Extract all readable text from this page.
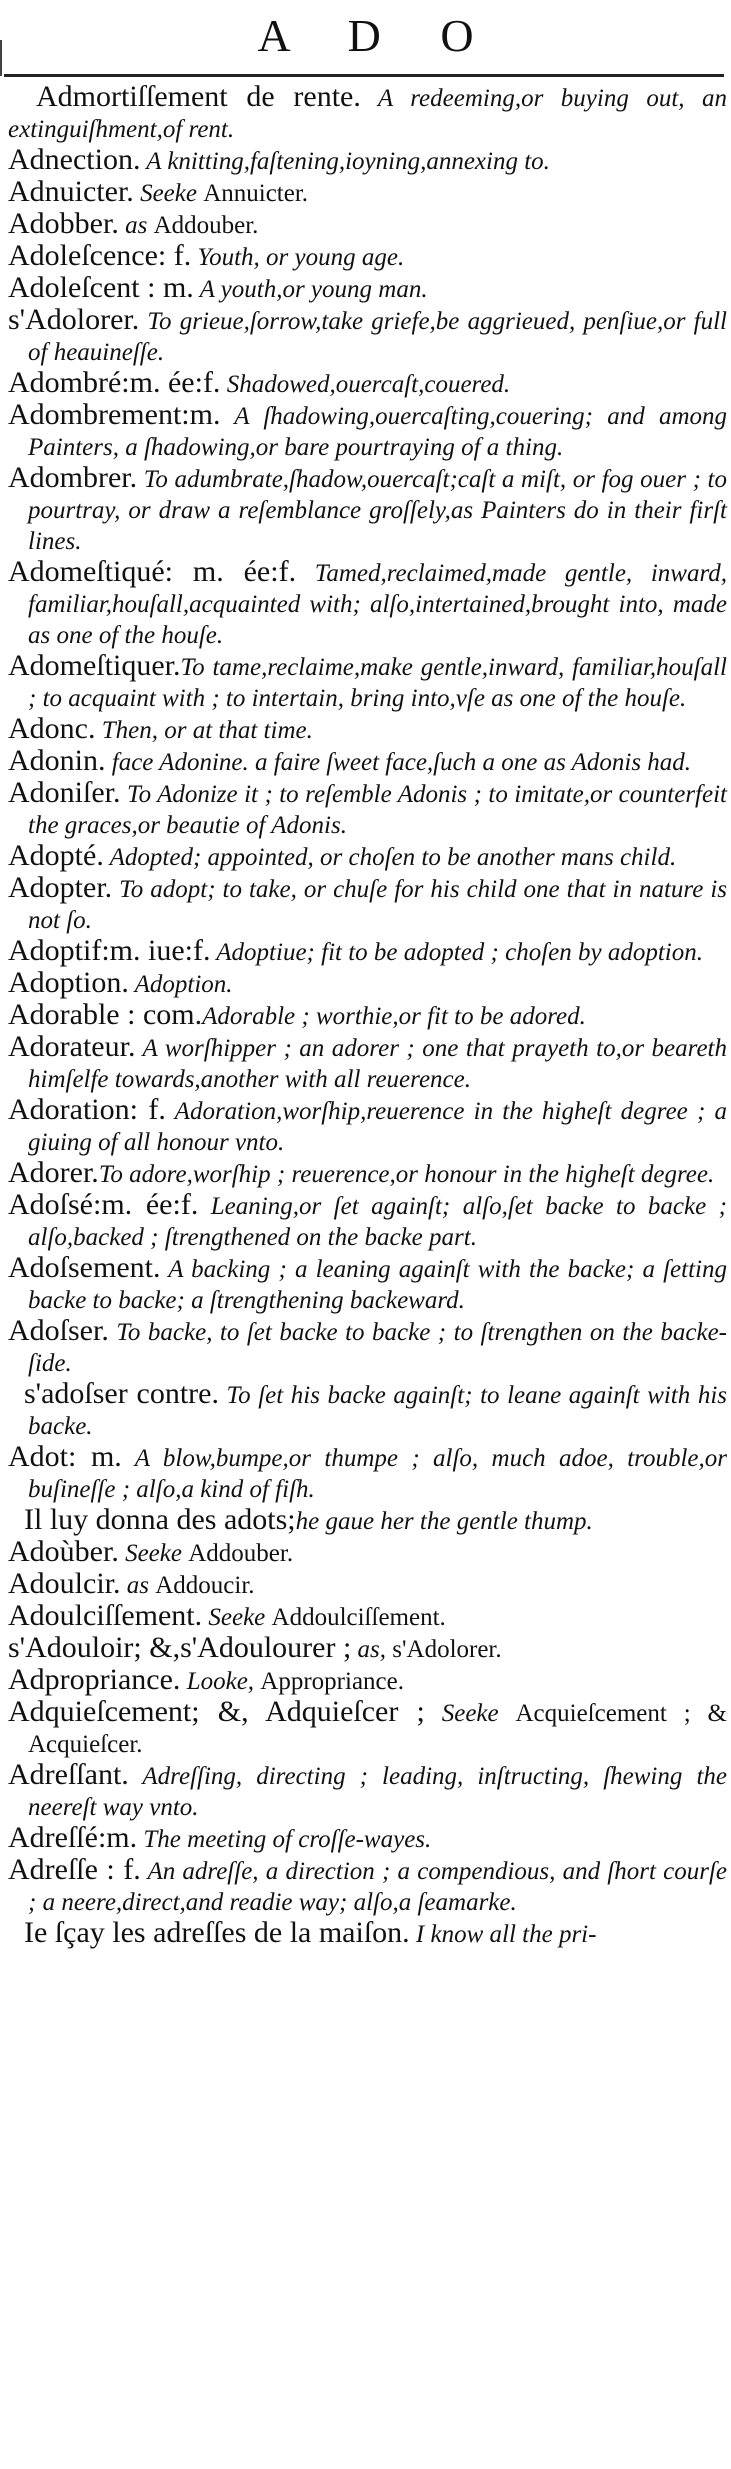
A D O
Admortiſſement de rente. A redeeming,or buying out, an extinguiſhment,of rent.
Adnection. A knitting,faſtening,ioyning,annexing to.
Adnuicter. Seeke Annuicter.
Adobber. as Addouber.
Adoleſcence: f. Youth, or young age.
Adoleſcent : m. A youth,or young man.
s'Adolorer. To grieue,ſorrow,take griefe,be aggrieued, penſiue,or full of heauineſſe.
Adombré:m. ée:f. Shadowed,ouercaſt,couered.
Adombrement:m. A ſhadowing,ouercaſting,couering; and among Painters, a ſhadowing,or bare pourtraying of a thing.
Adombrer. To adumbrate,ſhadow,ouercaſt;caſt a miſt, or fog ouer ; to pourtray, or draw a reſemblance groſſely,as Painters do in their firſt lines.
Adomeſtiqué: m. ée:f. Tamed,reclaimed,made gentle, inward, familiar,houſall,acquainted with; alſo,intertained,brought into, made as one of the houſe.
Adomeſtiquer.To tame,reclaime,make gentle,inward, familiar,houſall ; to acquaint with ; to intertain, bring into,vſe as one of the houſe.
Adonc. Then, or at that time.
Adonin. face Adonine. a faire ſweet face,ſuch a one as Adonis had.
Adoniſer. To Adonize it ; to reſemble Adonis ; to imitate,or counterfeit the graces,or beautie of Adonis.
Adopté. Adopted; appointed, or choſen to be another mans child.
Adopter. To adopt; to take, or chuſe for his child one that in nature is not ſo.
Adoptif:m. iue:f. Adoptiue; fit to be adopted ; choſen by adoption.
Adoption. Adoption.
Adorable : com.Adorable ; worthie,or fit to be adored.
Adorateur. A worſhipper ; an adorer ; one that prayeth to,or beareth himſelfe towards,another with all reuerence.
Adoration: f. Adoration,worſhip,reuerence in the higheſt degree ; a giuing of all honour vnto.
Adorer.To adore,worſhip ; reuerence,or honour in the higheſt degree.
Adoſsé:m. ée:f. Leaning,or ſet againſt; alſo,ſet backe to backe ; alſo,backed ; ſtrengthened on the backe part.
Adoſsement. A backing ; a leaning againſt with the backe; a ſetting backe to backe; a ſtrengthening backeward.
Adoſser. To backe, to ſet backe to backe ; to ſtrengthen on the backe-ſide.
s'adoſser contre. To ſet his backe againſt; to leane againſt with his backe.
Adot: m. A blow,bumpe,or thumpe ; alſo, much adoe, trouble,or buſineſſe ; alſo,a kind of fiſh.
Il luy donna des adots;he gaue her the gentle thump.
Adoùber. Seeke Addouber.
Adoulcir. as Addoucir.
Adoulciſſement. Seeke Addoulciſſement.
s'Adouloir; &,s'Adoulourer ; as, s'Adolorer.
Adpropriance. Looke, Appropriance.
Adquieſcement; &, Adquieſcer ; Seeke Acquieſcement ; & Acquieſcer.
Adreſſant. Adreſſing, directing ; leading, inſtructing, ſhewing the neereſt way vnto.
Adreſſé:m. The meeting of croſſe-wayes.
Adreſſe : f. An adreſſe, a direction ; a compendious, and ſhort courſe ; a neere,direct,and readie way; alſo,a ſeamarke.
Ie ſçay les adreſſes de la maiſon. I know all the pri-
